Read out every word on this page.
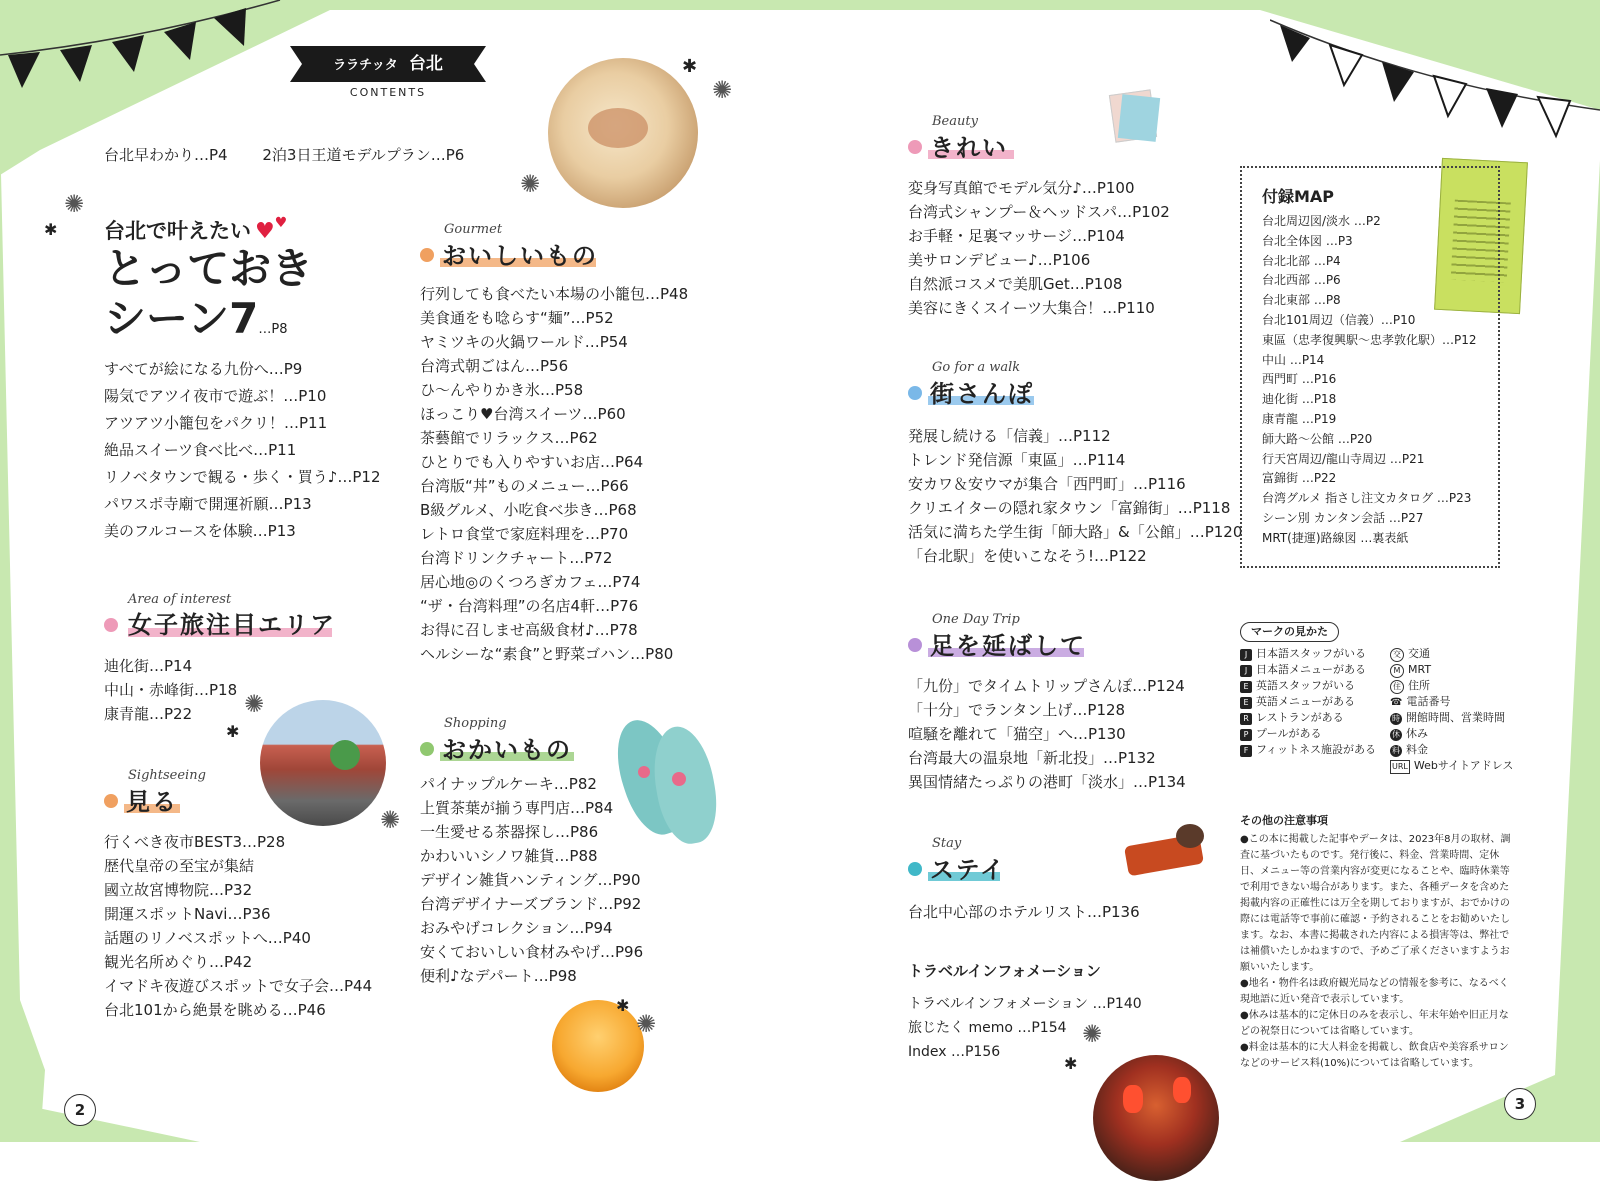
ララチッタ 台北
CONTENTS
台北早わかり…P4 2泊3日王道モデルプラン…P6
✱
✺
✺
✺
✱
✺
✱
✺
✱
✺	✺
✱
台北で叶えたい ♥♥
とっておき
シーン7…P8
すべてが絵になる九份へ…P9
陽気でアツイ夜市で遊ぶ！…P10
アツアツ小籠包をパクリ！…P11
絶品スイーツ食べ比べ…P11
リノベタウンで観る・歩く・買う♪…P12
パワスポ寺廟で開運祈願…P13
美のフルコースを体験…P13
Area of interest
女子旅注目エリア
迪化街…P14
中山・赤峰街…P18
康青龍…P22
Sightseeing
見る
行くべき夜市BEST3…P28
歴代皇帝の至宝が集結
國立故宮博物院…P32
開運スポットNavi…P36
話題のリノベスポットへ…P40
観光名所めぐり…P42
イマドキ夜遊びスポットで女子会…P44
台北101から絶景を眺める…P46
Gourmet
おいしいもの
行列しても食べたい本場の小籠包…P48
美食通をも唸らす“麺”…P52
ヤミツキの火鍋ワールド…P54
台湾式朝ごはん…P56
ひ～んやりかき氷…P58
ほっこり♥台湾スイーツ…P60
茶藝館でリラックス…P62
ひとりでも入りやすいお店…P64
台湾版“丼”ものメニュー…P66
B級グルメ、小吃食べ歩き…P68
レトロ食堂で家庭料理を…P70
台湾ドリンクチャート…P72
居心地◎のくつろぎカフェ…P74
“ザ・台湾料理”の名店4軒…P76
お得に召しませ高級食材♪…P78
ヘルシーな“素食”と野菜ゴハン…P80
Shopping
おかいもの
パイナップルケーキ…P82
上質茶葉が揃う専門店…P84
一生愛せる茶器探し…P86
かわいいシノワ雑貨…P88
デザイン雑貨ハンティング…P90
台湾デザイナーズブランド…P92
おみやげコレクション…P94
安くておいしい食材みやげ…P96
便利♪なデパート…P98
Beauty
きれい
変身写真館でモデル気分♪…P100
台湾式シャンプー＆ヘッドスパ…P102
お手軽・足裏マッサージ…P104
美サロンデビュー♪…P106
自然派コスメで美肌Get…P108
美容にきくスイーツ大集合！…P110
Go for a walk
街さんぽ
発展し続ける「信義」…P112
トレンド発信源「東區」…P114
安カワ＆安ウマが集合「西門町」…P116
クリエイターの隠れ家タウン「富錦街」…P118
活気に満ちた学生街「師大路」&「公館」…P120
「台北駅」を使いこなそう!…P122
One Day Trip
足を延ばして
「九份」でタイムトリップさんぽ…P124
「十分」でランタン上げ…P128
喧騒を離れて「猫空」へ…P130
台湾最大の温泉地「新北投」…P132
異国情緒たっぷりの港町「淡水」…P134
Stay
ステイ
台北中心部のホテルリスト…P136
トラベルインフォメーション
トラベルインフォメーション …P140
旅じたく memo …P154
Index …P156
付録MAP
台北周辺図/淡水 …P2
台北全体図 …P3
台北北部 …P4
台北西部 …P6
台北東部 …P8
台北101周辺（信義）…P10
東區（忠孝復興駅～忠孝敦化駅）…P12
中山 …P14
西門町 …P16
迪化街 …P18
康青龍 …P19
師大路～公館 …P20
行天宮周辺/龍山寺周辺 …P21
富錦街 …P22
台湾グルメ 指さし注文カタログ …P23
シーン別 カンタン会話 …P27
MRT(捷運)路線図 …裏表紙
マークの見かた
J 日本語スタッフがいる
J 日本語メニューがある
E 英語スタッフがいる
E 英語メニューがある
R レストランがある
P プールがある
F フィットネス施設がある
交 交通
M MRT
住 住所
☎ 電話番号
時 開館時間、営業時間
休 休み
料 料金
URL Webサイトアドレス
その他の注意事項
●この本に掲載した記事やデータは、2023年8月の取材、調査に基づいたものです。発行後に、料金、営業時間、定休日、メニュー等の営業内容が変更になることや、臨時休業等で利用できない場合があります。また、各種データを含めた掲載内容の正確性には万全を期しておりますが、おでかけの際には電話等で事前に確認・予約されることをお勧めいたします。なお、本書に掲載された内容による損害等は、弊社では補償いたしかねますので、予めご了承くださいますようお願いいたします。
●地名・物件名は政府観光局などの情報を参考に、なるべく現地語に近い発音で表示しています。
●休みは基本的に定休日のみを表示し、年末年始や旧正月などの祝祭日については省略しています。
●料金は基本的に大人料金を掲載し、飲食店や美容系サロンなどのサービス料(10%)については省略しています。
2	3
